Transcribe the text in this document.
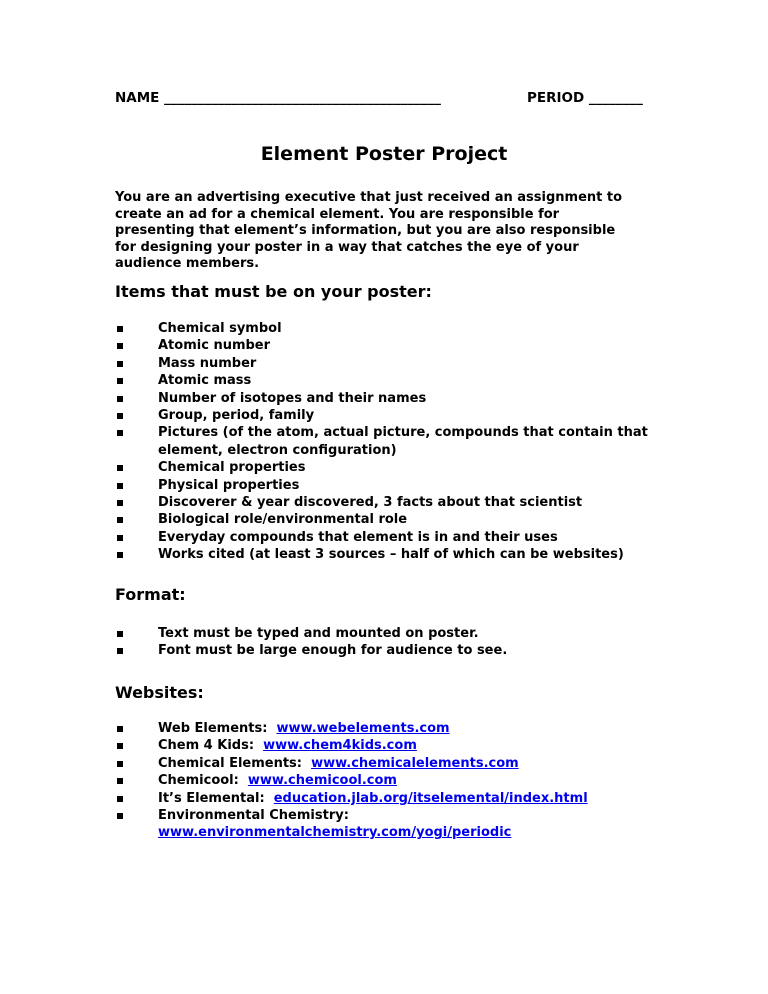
NAME _________________________________________	PERIOD ________
Element Poster Project
You are an advertising executive that just received an assignment to create an ad for a chemical element. You are responsible for presenting that element’s information, but you are also responsible for designing your poster in a way that catches the eye of your audience members.
Items that must be on your poster:
Chemical symbol
Atomic number
Mass number
Atomic mass
Number of isotopes and their names
Group, period, family
Pictures (of the atom, actual picture, compounds that contain that element, electron configuration)
Chemical properties
Physical properties
Discoverer & year discovered, 3 facts about that scientist
Biological role/environmental role
Everyday compounds that element is in and their uses
Works cited (at least 3 sources – half of which can be websites)
Format:
Text must be typed and mounted on poster.
Font must be large enough for audience to see.
Websites:
Web Elements: www.webelements.com
Chem 4 Kids: www.chem4kids.com
Chemical Elements: www.chemicalelements.com
Chemicool: www.chemicool.com
It’s Elemental: education.jlab.org/itselemental/index.html
Environmental Chemistry:
www.environmentalchemistry.com/yogi/periodic
